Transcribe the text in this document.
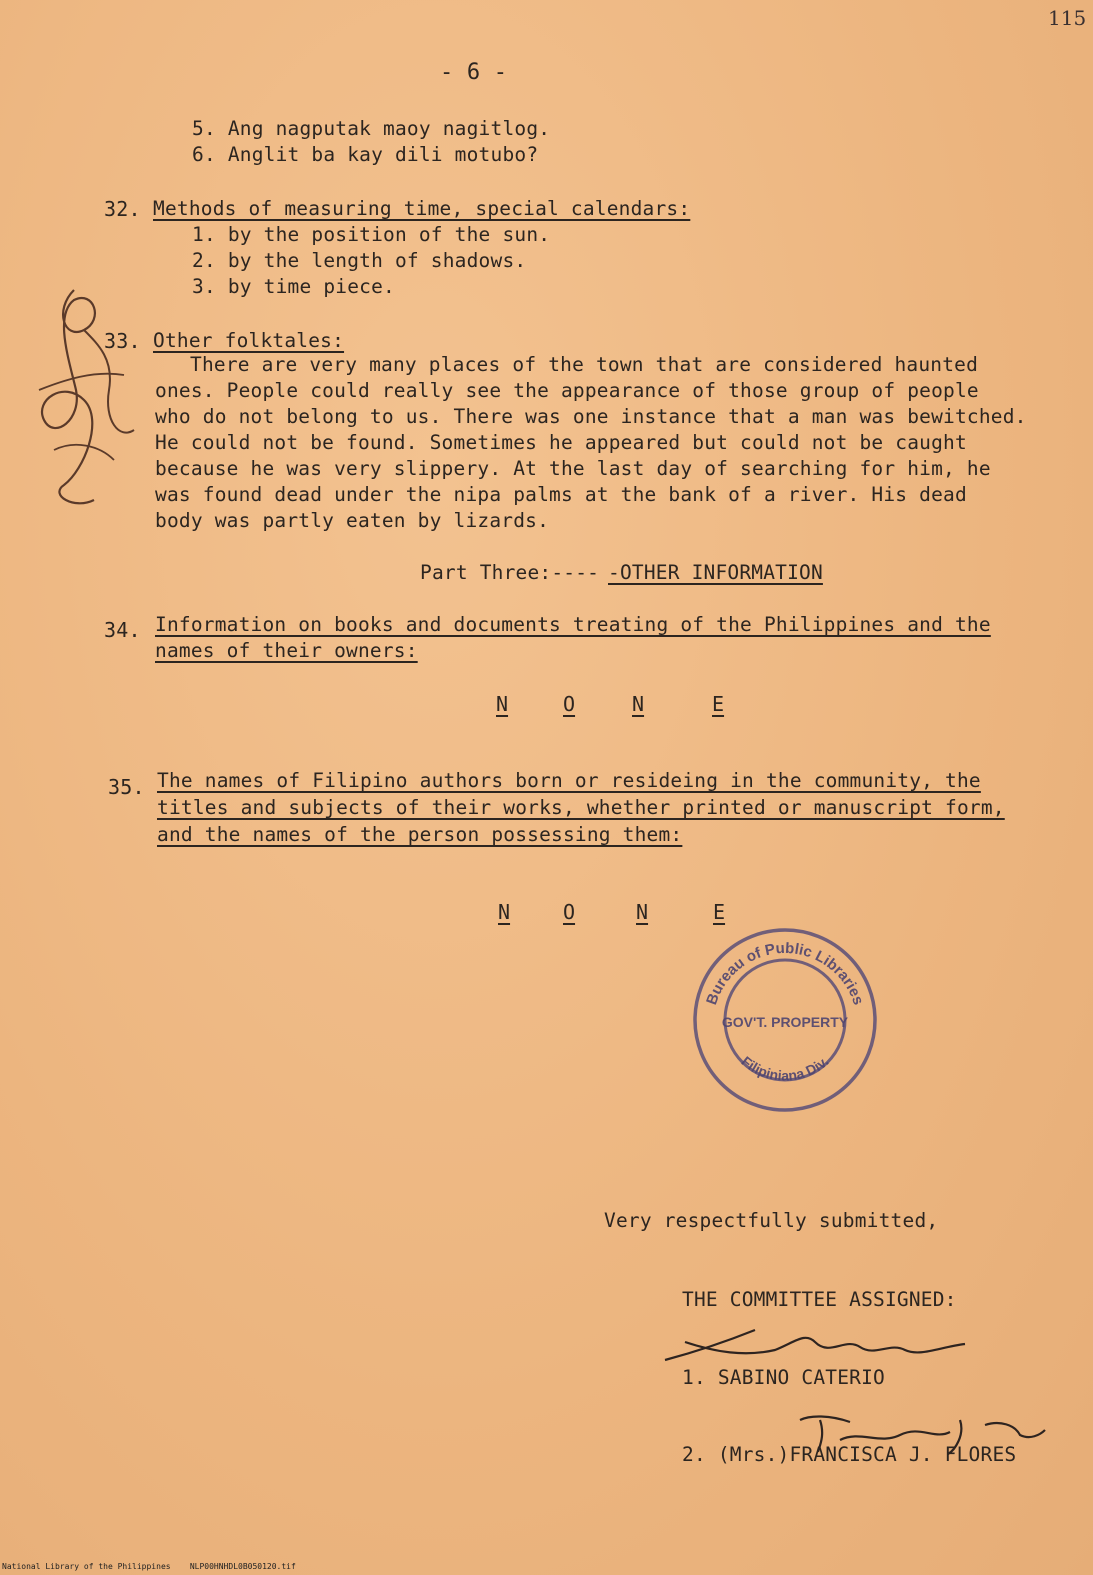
115
- 6 -
5. Ang nagputak maoy nagitlog.
6. Anglit ba kay dili motubo?
32. Methods of measuring time, special calendars:
1. by the position of the sun.
2. by the length of shadows.
3. by time piece.
33. Other folktales:
There are very many places of the town that are considered haunted
ones. People could really see the appearance of those group of people
who do not belong to us. There was one instance that a man was bewitched.
He could not be found. Sometimes he appeared but could not be caught
because he was very slippery. At the last day of searching for him, he
was found dead under the nipa palms at the bank of a river. His dead
body was partly eaten by lizards.
Part Three:---- -OTHER INFORMATION
34. Information on books and documents treating of the Philippines and the
names of their owners:
N	O	N	E
35. The names of Filipino authors born or resideing in the community, the
titles and subjects of their works, whether printed or manuscript form,
and the names of the person possessing them:
N	O	N	E
Bureau of Public Libraries
GOV'T. PROPERTY
Filipiniana Div.
Very respectfully submitted,
THE COMMITTEE ASSIGNED:
1. SABINO CATERIO
2. (Mrs.)FRANCISCA J. FLORES
National Library of the Philippines    NLP00HNHDL0B050120.tif
